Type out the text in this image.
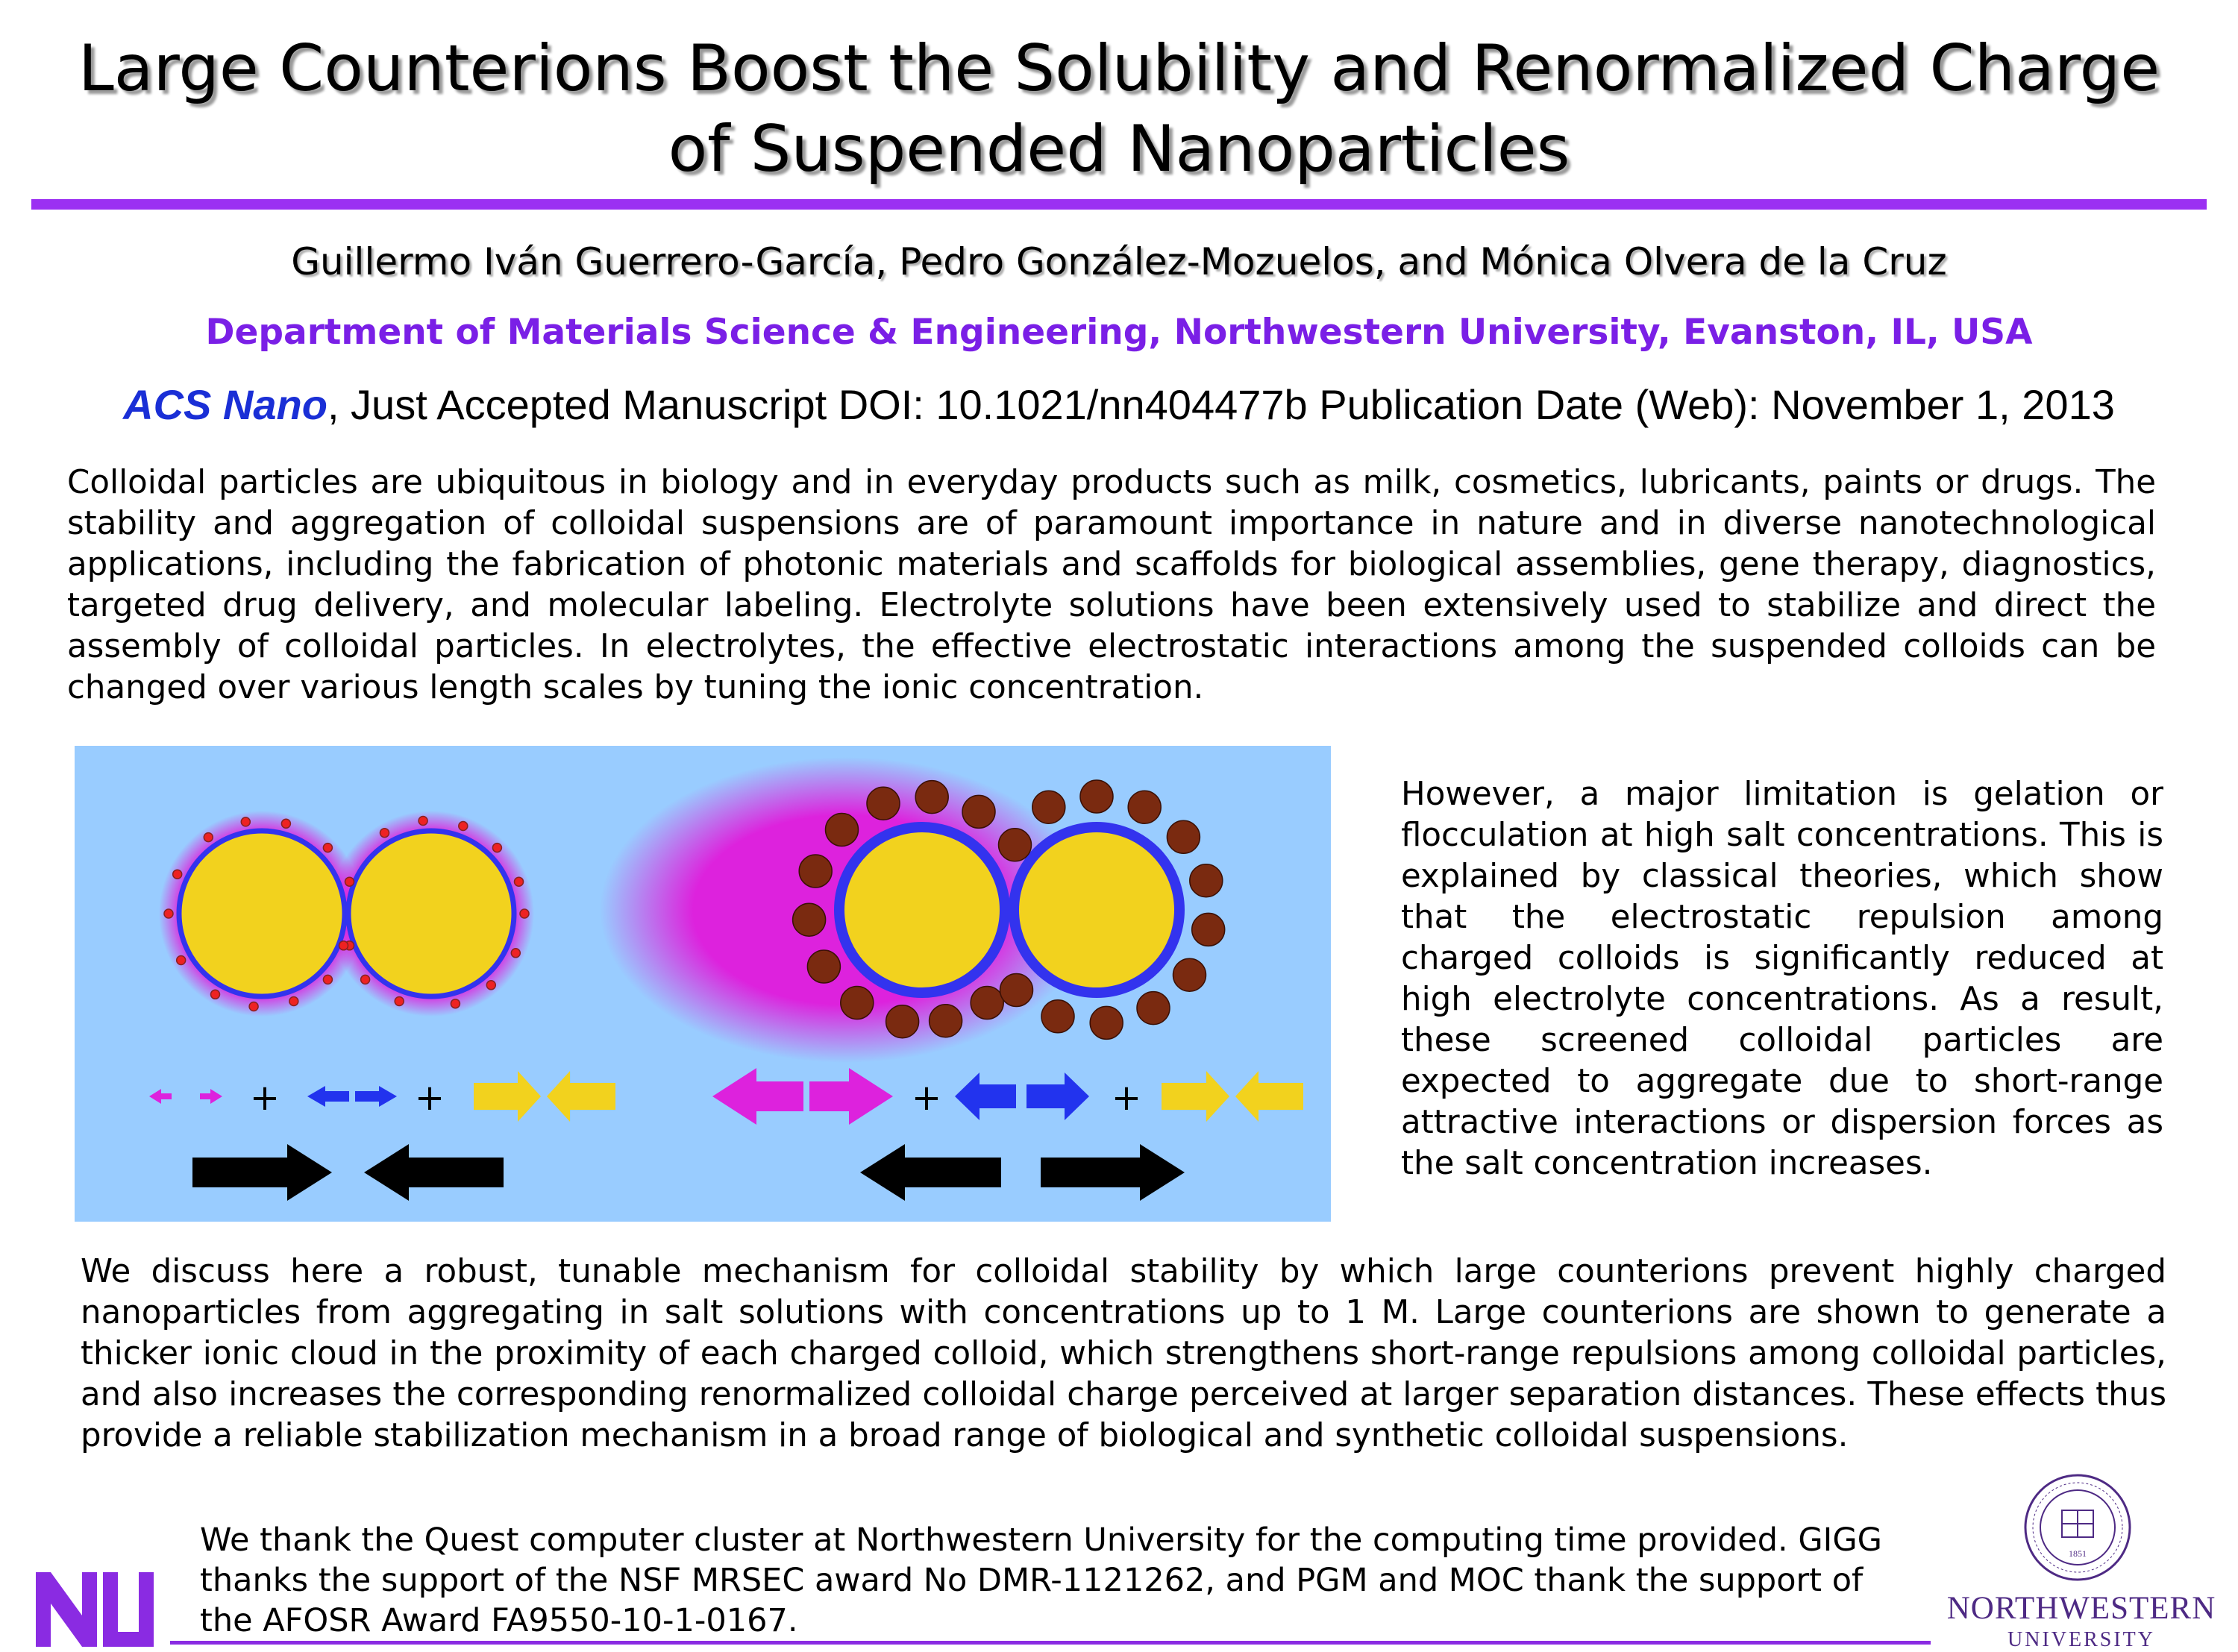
Large Counterions Boost the Solubility and Renormalized Charge of Suspended Nanoparticles
Guillermo Iván Guerrero-García, Pedro González-Mozuelos, and Mónica Olvera de la Cruz
Department of Materials Science & Engineering, Northwestern University, Evanston, IL, USA
ACS Nano, Just Accepted Manuscript DOI: 10.1021/nn404477b Publication Date (Web): November 1, 2013
Colloidal particles are ubiquitous in biology and in everyday products such as milk, cosmetics, lubricants, paints or drugs. The stability and aggregation of colloidal suspensions are of paramount importance in nature and in diverse nanotechnological applications, including the fabrication of photonic materials and scaffolds for biological assemblies, gene therapy, diagnostics, targeted drug delivery, and molecular labeling. Electrolyte solutions have been extensively used to stabilize and direct the assembly of colloidal particles. In electrolytes, the effective electrostatic interactions among the suspended colloids can be changed over various length scales by tuning the ionic concentration.
+	+	+	+
However, a major limitation is gelation or flocculation at high salt concentrations. This is explained by classical theories, which show that the electrostatic repulsion among charged colloids is significantly reduced at high electrolyte concentrations. As a result, these screened colloidal particles are expected to aggregate due to short-range attractive interactions or dispersion forces as the salt concentration increases.
We discuss here a robust, tunable mechanism for colloidal stability by which large counterions prevent highly charged nanoparticles from aggregating in salt solutions with concentrations up to 1 M. Large counterions are shown to generate a thicker ionic cloud in the proximity of each charged colloid, which strengthens short-range repulsions among colloidal particles, and also increases the corresponding renormalized colloidal charge perceived at larger separation distances. These effects thus provide a reliable stabilization mechanism in a broad range of biological and synthetic colloidal suspensions.
We thank the Quest computer cluster at Northwestern University for the computing time provided. GIGG thanks the support of the NSF MRSEC award No DMR-1121262, and PGM and MOC thank the support of the AFOSR Award FA9550-10-1-0167.
1851
NORTHWESTERN
UNIVERSITY
